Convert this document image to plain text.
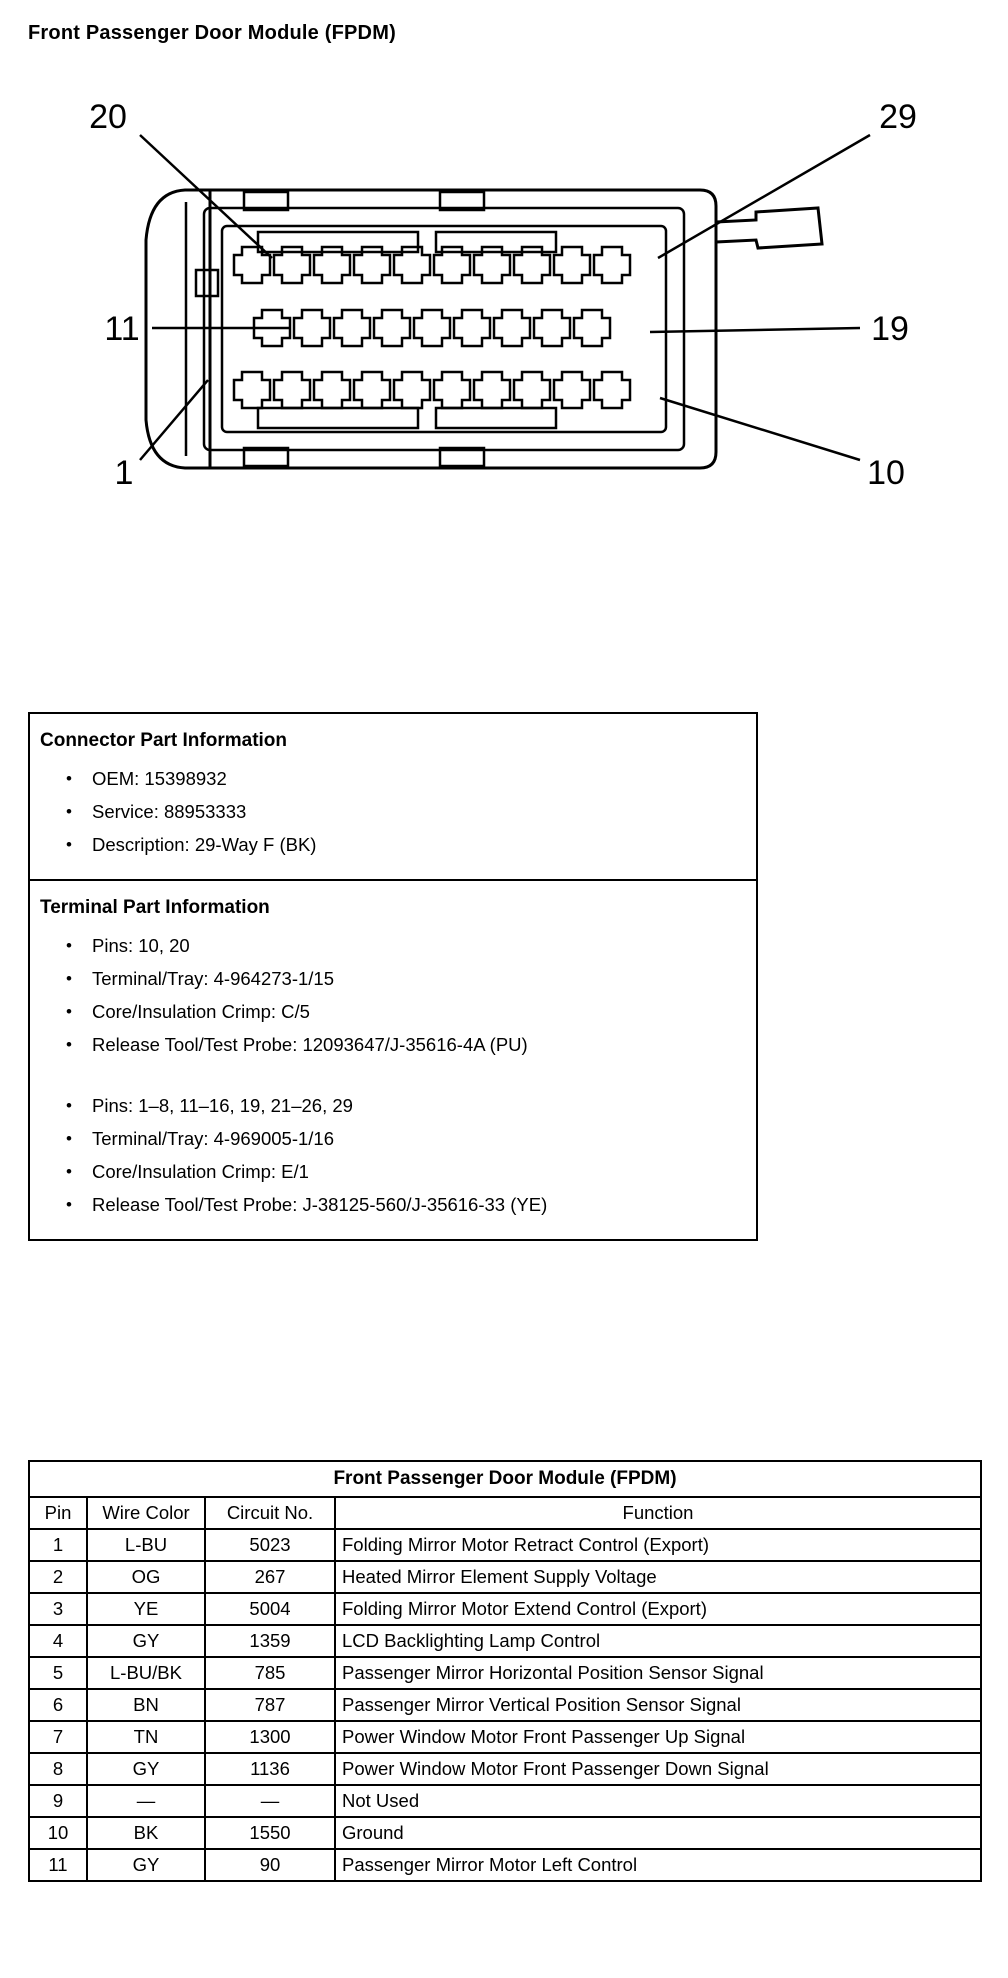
Front Passenger Door Module (FPDM)
20	29
11	19
1	10
Connector Part Information
• OEM: 15398932
• Service: 88953333
• Description: 29-Way F (BK)
Terminal Part Information
• Pins: 10, 20
• Terminal/Tray: 4-964273-1/15
• Core/Insulation Crimp: C/5
• Release Tool/Test Probe: 12093647/J-35616-4A (PU)
• Pins: 1–8, 11–16, 19, 21–26, 29
• Terminal/Tray: 4-969005-1/16
• Core/Insulation Crimp: E/1
• Release Tool/Test Probe: J-38125-560/J-35616-33 (YE)
Front Passenger Door Module (FPDM)
Pin	Wire Color	Circuit No.	Function
1	L-BU	5023	Folding Mirror Motor Retract Control (Export)
2	OG	267	Heated Mirror Element Supply Voltage
3	YE	5004	Folding Mirror Motor Extend Control (Export)
4	GY	1359	LCD Backlighting Lamp Control
5	L-BU/BK	785	Passenger Mirror Horizontal Position Sensor Signal
6	BN	787	Passenger Mirror Vertical Position Sensor Signal
7	TN	1300	Power Window Motor Front Passenger Up Signal
8	GY	1136	Power Window Motor Front Passenger Down Signal
9	—	—	Not Used
10	BK	1550	Ground
11	GY	90	Passenger Mirror Motor Left Control
